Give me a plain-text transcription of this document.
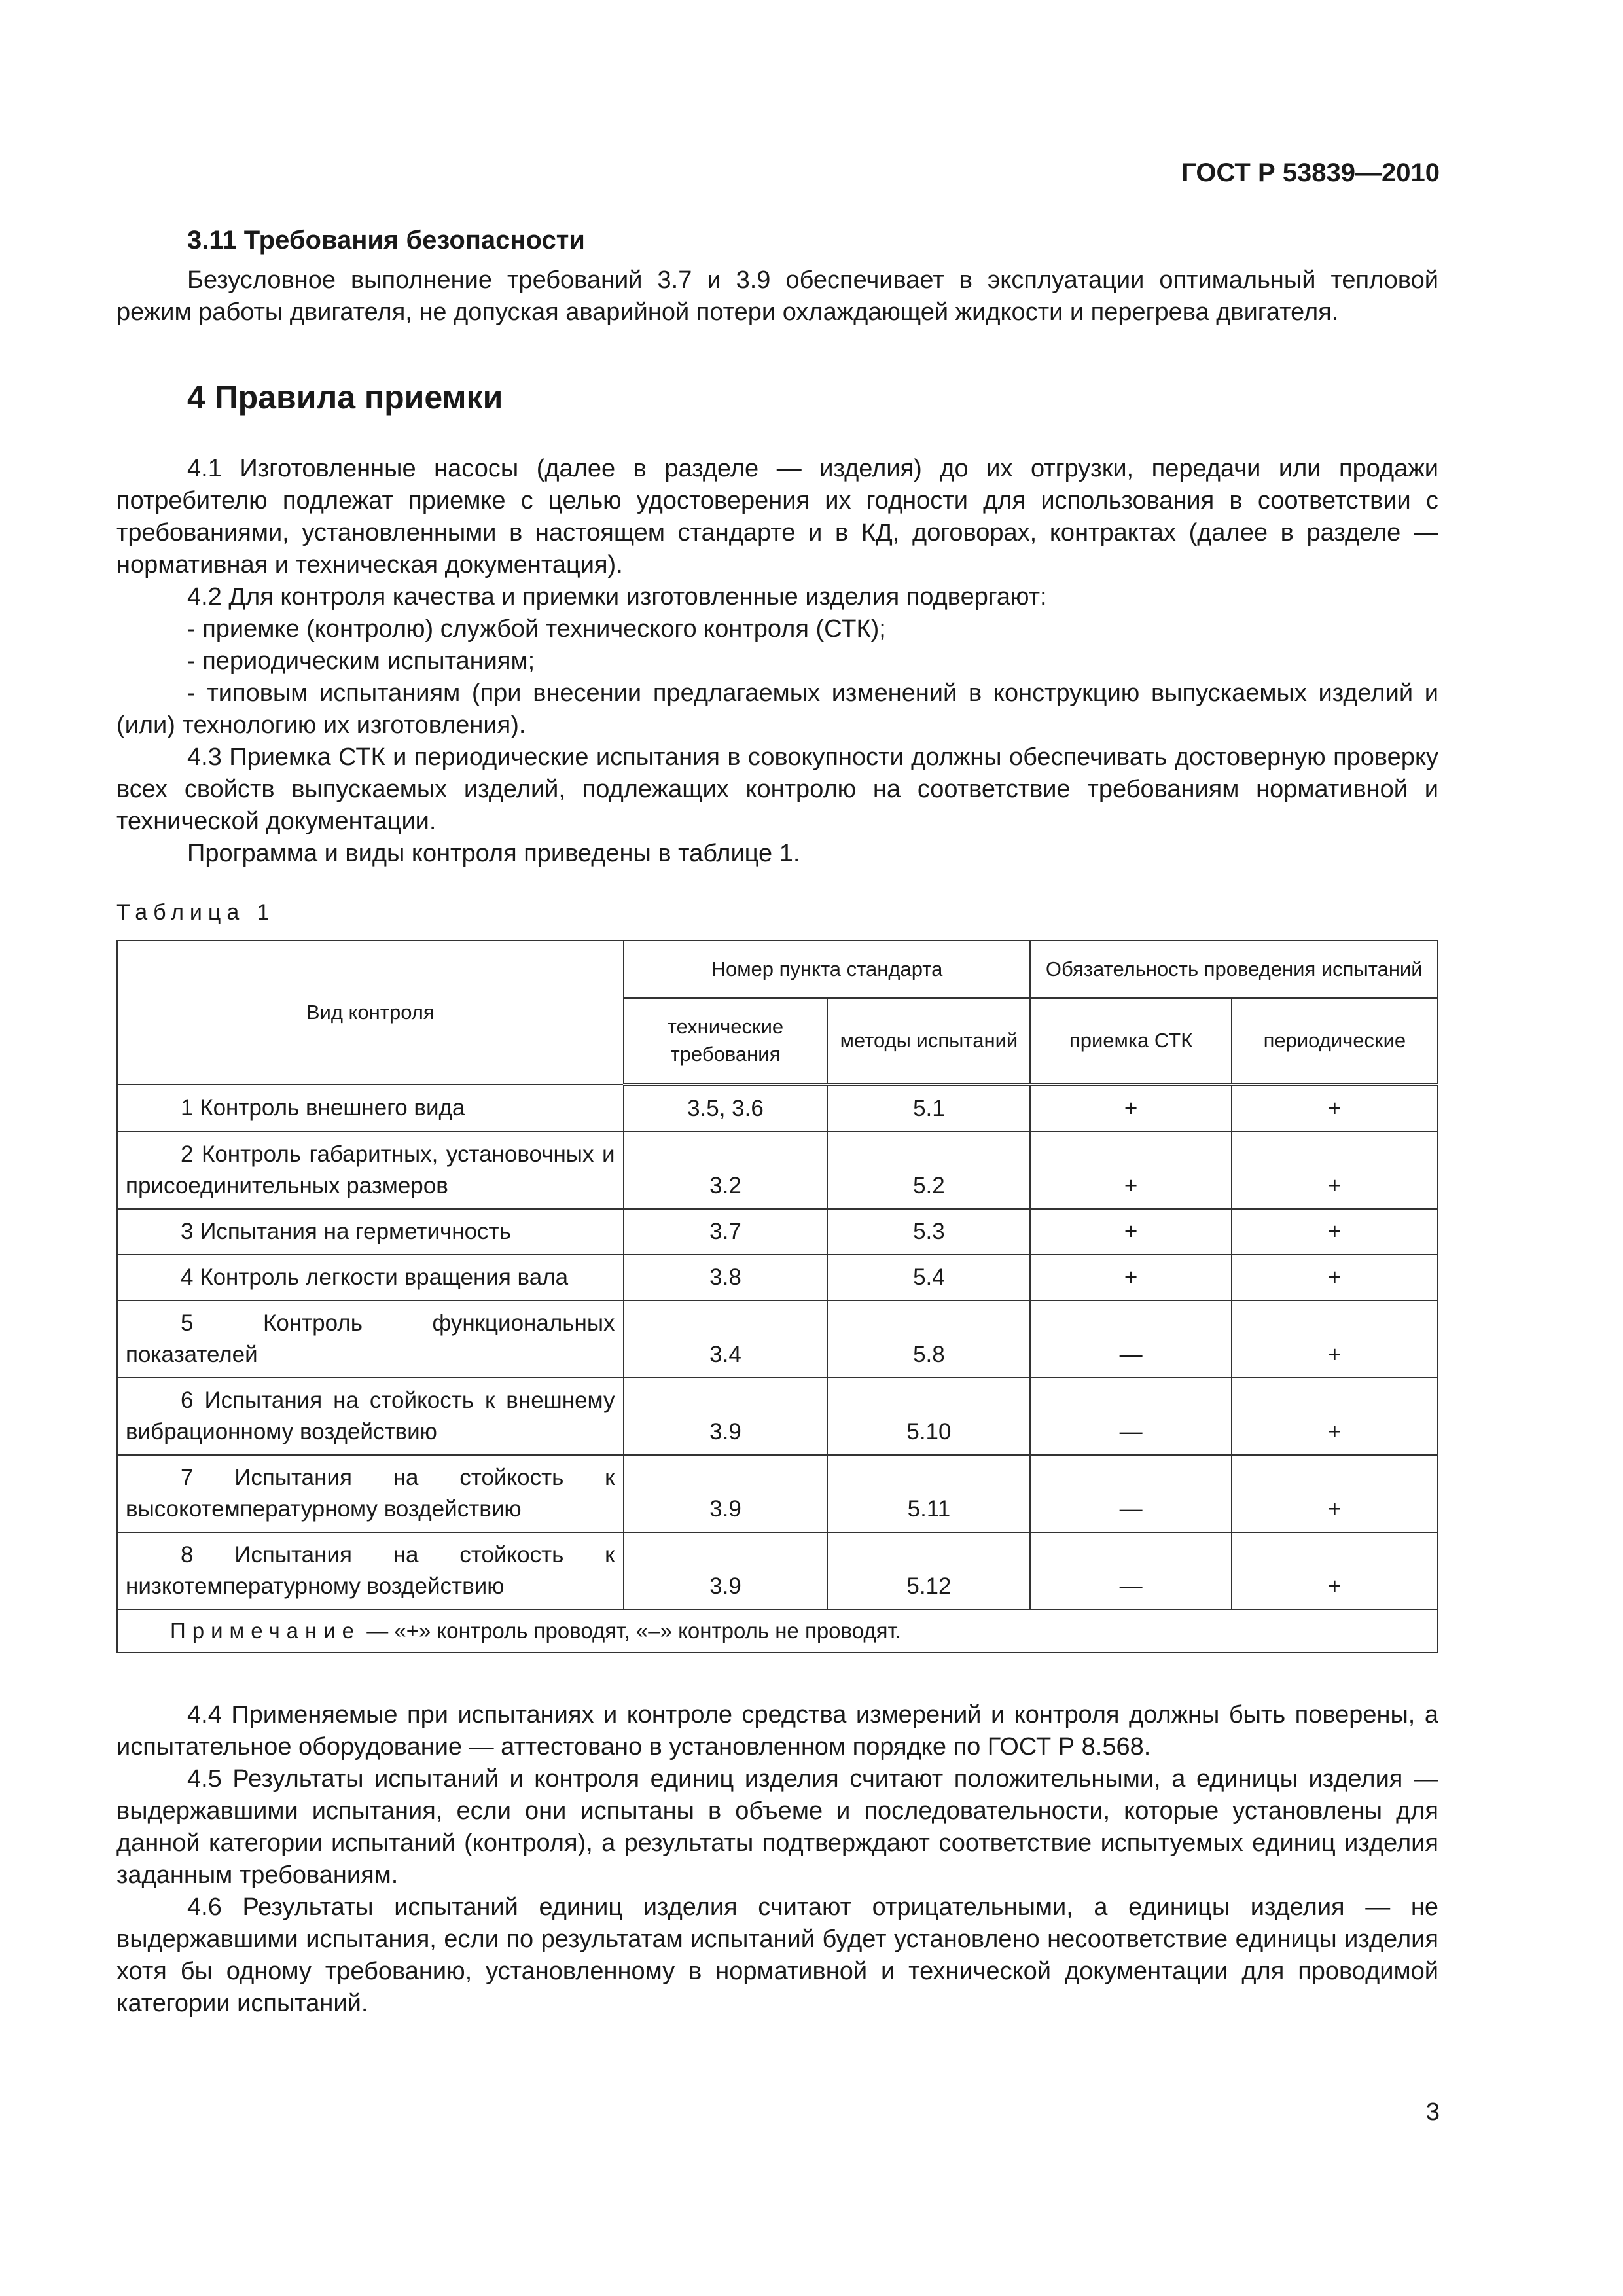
ГОСТ Р 53839—2010
3.11 Требования безопасности

Безусловное выполнение требований 3.7 и 3.9 обеспечивает в эксплуатации оптимальный тепловой режим работы двигателя, не допуская аварийной потери охлаждающей жидкости и перегрева двигателя.

4 Правила приемки

4.1 Изготовленные насосы (далее в разделе — изделия) до их отгрузки, передачи или продажи потребителю подлежат приемке с целью удостоверения их годности для использования в соответствии с требованиями, установленными в настоящем стандарте и в КД, договорах, контрактах (далее в разделе — нормативная и техническая документация).

4.2 Для контроля качества и приемки изготовленные изделия подвергают:

- приемке (контролю) службой технического контроля (СТК);

- периодическим испытаниям;

- типовым испытаниям (при внесении предлагаемых изменений в конструкцию выпускаемых изделий и (или) технологию их изготовления).

4.3 Приемка СТК и периодические испытания в совокупности должны обеспечивать достоверную проверку всех свойств выпускаемых изделий, подлежащих контролю на соответствие требованиям нормативной и технической документации.

Программа и виды контроля приведены в таблице 1.

Таблица 1
Вид контроля	Номер пункта стандарта		Обязательность проведения испытаний	
	технические требования	методы испытаний	приемка СТК	периодические
1 Контроль внешнего вида	3.5, 3.6	5.1	+	+
2 Контроль габаритных, установочных и присоединительных размеров	3.2	5.2	+	+
3 Испытания на герметичность	3.7	5.3	+	+
4 Контроль легкости вращения вала	3.8	5.4	+	+
5 Контроль функциональных показателей	3.4	5.8	—	+
6 Испытания на стойкость к внешнему вибрационному воздействию	3.9	5.10	—	+
7 Испытания на стойкость к высокотемпературному воздействию	3.9	5.11	—	+
8 Испытания на стойкость к низкотемпературному воздействию	3.9	5.12	—	+
Примечание — «+» контроль проводят, «–» контроль не проводят.				

4.4 Применяемые при испытаниях и контроле средства измерений и контроля должны быть поверены, а испытательное оборудование — аттестовано в установленном порядке по ГОСТ Р 8.568.

4.5 Результаты испытаний и контроля единиц изделия считают положительными, а единицы изделия — выдержавшими испытания, если они испытаны в объеме и последовательности, которые установлены для данной категории испытаний (контроля), а результаты подтверждают соответствие испытуемых единиц изделия заданным требованиям.

4.6 Результаты испытаний единиц изделия считают отрицательными, а единицы изделия — не выдержавшими испытания, если по результатам испытаний будет установлено несоответствие единицы изделия хотя бы одному требованию, установленному в нормативной и технической документации для проводимой категории испытаний.

3
